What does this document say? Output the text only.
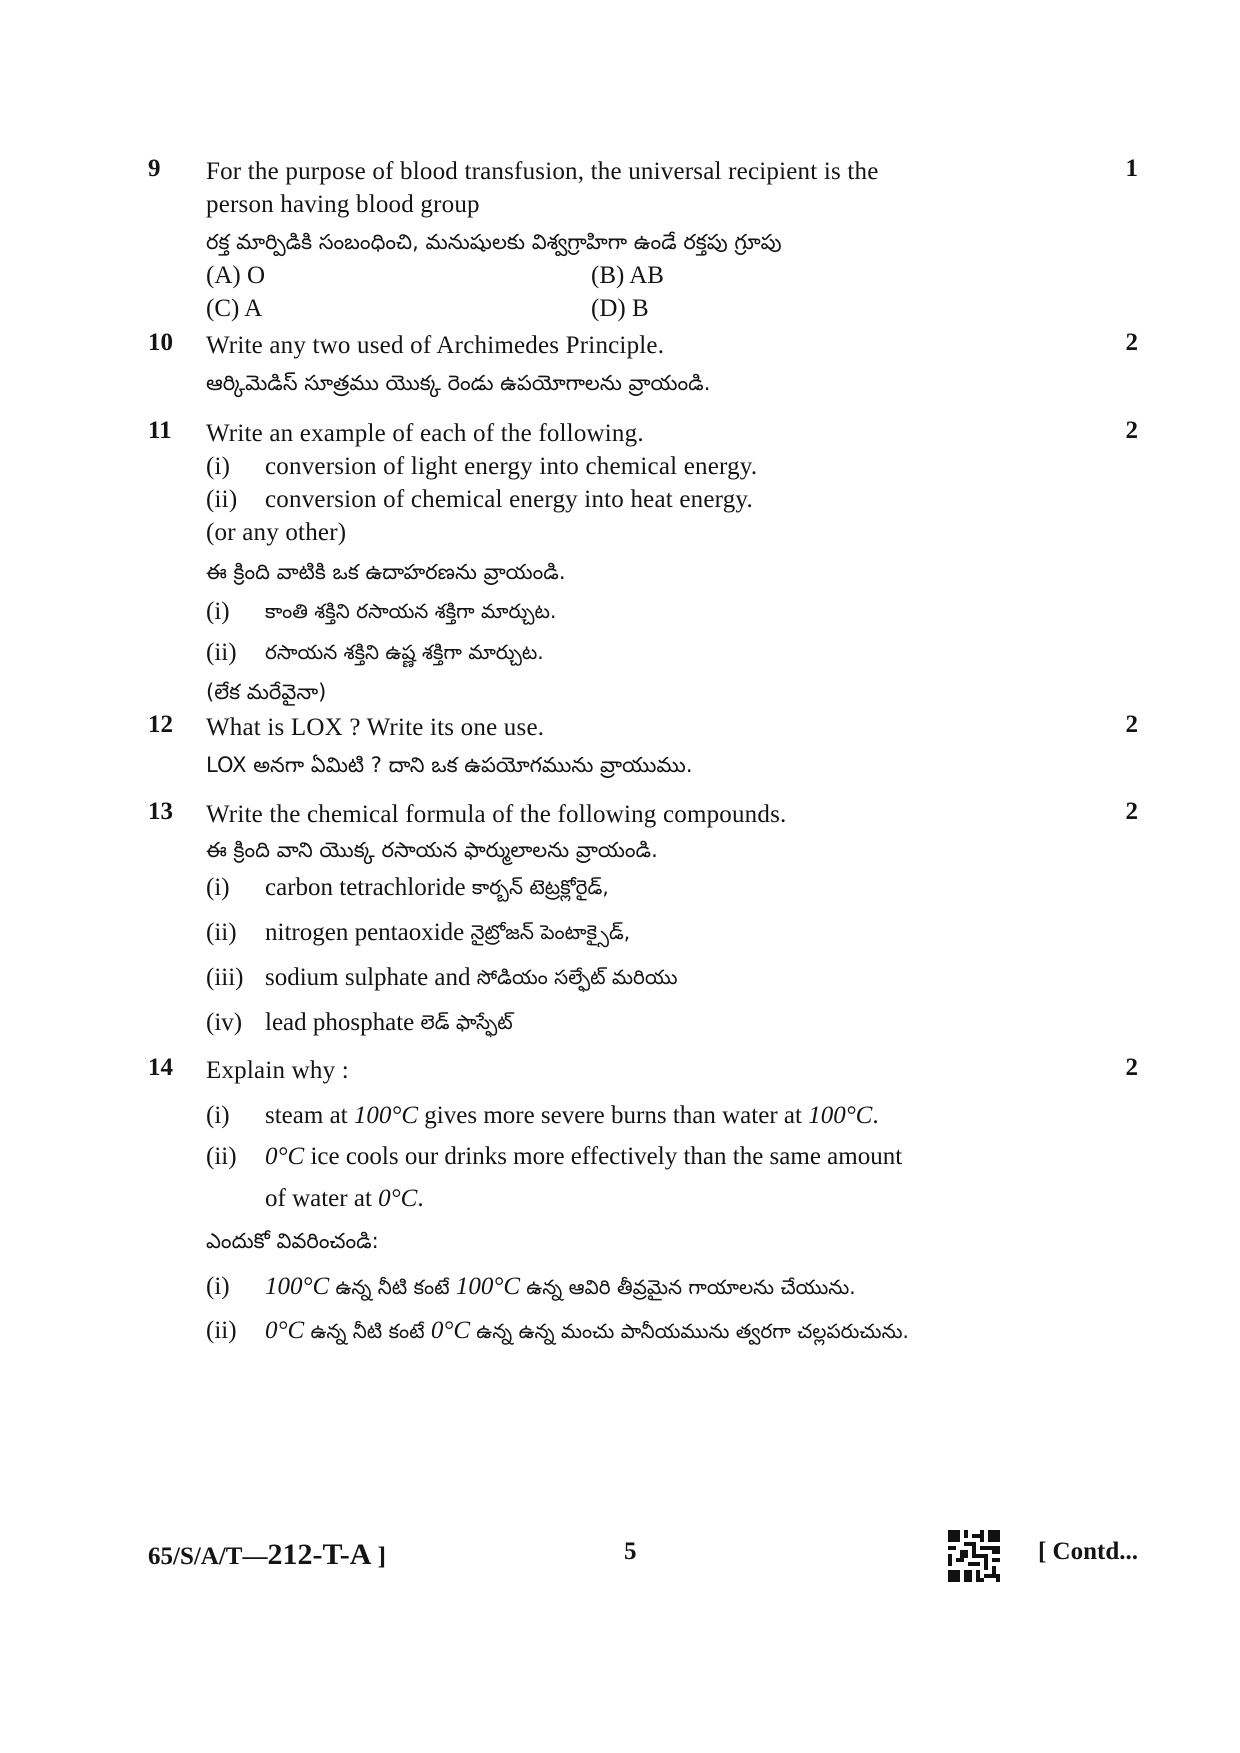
9 For the purpose of blood transfusion, the universal recipient is the
person having blood group
రక్త మార్పిడికి సంబంధించి, మనుషులకు విశ్వగ్రాహిగా ఉండే రక్తపు గ్రూపు
(A) O	(B) AB
(C) A	(D) B
1
10 Write any two used of Archimedes Principle.
ఆర్కిమెడిస్ సూత్రము యొక్క రెండు ఉపయోగాలను వ్రాయండి.
2
11 Write an example of each of the following.
(i)	conversion of light energy into chemical energy.
(ii)	conversion of chemical energy into heat energy.
(or any other)
ఈ క్రింది వాటికి ఒక ఉదాహరణను వ్రాయండి.
(i)	కాంతి శక్తిని రసాయన శక్తిగా మార్చుట.
(ii)	రసాయన శక్తిని ఉష్ణ శక్తిగా మార్చుట.
(లేక మరేవైనా)
2
12 What is LOX ? Write its one use.
LOX అనగా ఏమిటి ? దాని ఒక ఉపయోగమును వ్రాయుము.
2
13 Write the chemical formula of the following compounds.
ఈ క్రింది వాని యొక్క రసాయన ఫార్ములాలను వ్రాయండి.
(i)	carbon tetrachloride
కార్బన్ టెట్రక్లోరైడ్,
(ii)	nitrogen pentaoxide
నైట్రోజన్ పెంటాక్సైడ్,
(iii) sodium sulphate and
సోడియం సల్ఫేట్ మరియు
(iv) lead phosphate
లెడ్ ఫాస్ఫేట్
2
14 Explain why :
(i)	steam at 100°C gives more severe burns than water at 100°C.
(ii)	0°C ice cools our drinks more effectively than the same amount
of water at 0°C.
ఎందుకో వివరించండి:
(i)	100°C ఉన్న నీటి కంటే 100°C ఉన్న ఆవిరి తీవ్రమైన గాయాలను చేయును.
(ii)	0°C ఉన్న నీటి కంటే 0°C ఉన్న ఉన్న మంచు పానీయమును త్వరగా చల్లపరుచును.
2
65/S/A/T—212-T-A ]	5	[ Contd...
